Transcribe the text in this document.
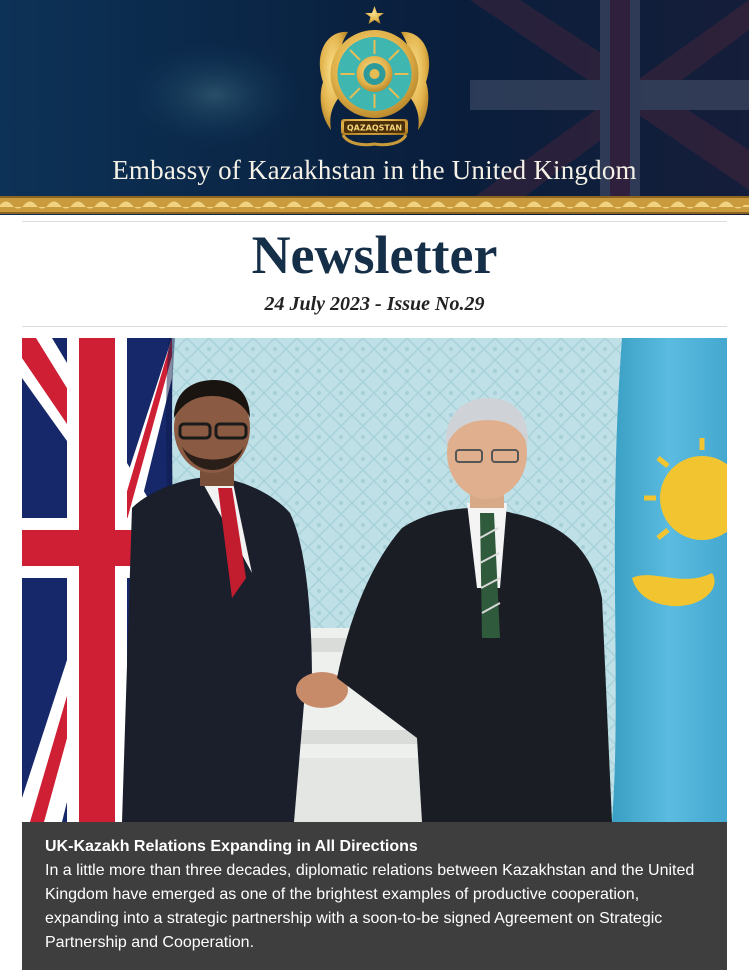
QAZAQSTAN
Embassy of Kazakhstan in the United Kingdom
Newsletter
24 July 2023 - Issue No.29
UK-Kazakh Relations Expanding in All Directions
In a little more than three decades, diplomatic relations between Kazakhstan and the United Kingdom have emerged as one of the brightest examples of productive cooperation, expanding into a strategic partnership with a soon-to-be signed Agreement on Strategic Partnership and Cooperation.
